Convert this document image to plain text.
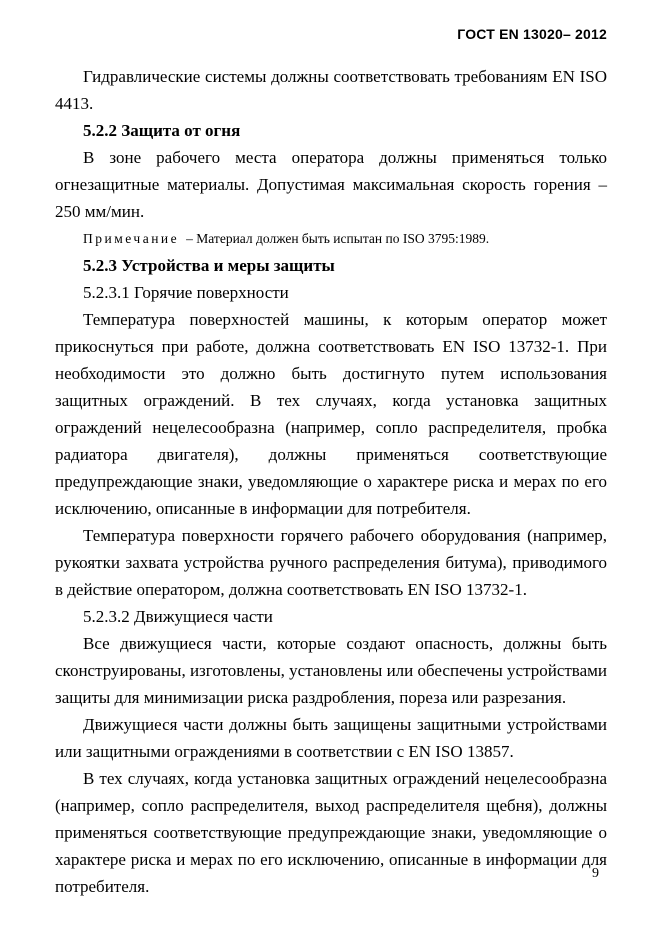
ГОСТ EN 13020– 2012

Гидравлические системы должны соответствовать требованиям EN ISO 4413.

5.2.2 Защита от огня

В зоне рабочего места оператора должны применяться только огнезащитные материалы. Допустимая максимальная скорость горения – 250 мм/мин.

Примечание – Материал должен быть испытан по ISO 3795:1989.

5.2.3 Устройства и меры защиты

5.2.3.1 Горячие поверхности

Температура поверхностей машины, к которым оператор может прикоснуться при работе, должна соответствовать EN ISO 13732-1. При необходимости это должно быть достигнуто путем использования защитных ограждений. В тех случаях, когда установка защитных ограждений нецелесообразна (например, сопло распределителя, пробка радиатора двигателя), должны применяться соответствующие предупреждающие знаки, уведомляющие о характере риска и мерах по его исключению, описанные в информации для потребителя.

Температура поверхности горячего рабочего оборудования (например, рукоятки захвата устройства ручного распределения битума), приводимого в действие оператором, должна соответствовать EN ISO 13732-1.

5.2.3.2 Движущиеся части

Все движущиеся части, которые создают опасность, должны быть сконструированы, изготовлены, установлены или обеспечены устройствами защиты для минимизации риска раздробления, пореза или разрезания.

Движущиеся части должны быть защищены защитными устройствами или защитными ограждениями в соответствии с EN ISO 13857.

В тех случаях, когда установка защитных ограждений нецелесообразна (например, сопло распределителя, выход распределителя щебня), должны применяться соответствующие предупреждающие знаки, уведомляющие о характере риска и мерах по его исключению, описанные в информации для потребителя.

9
